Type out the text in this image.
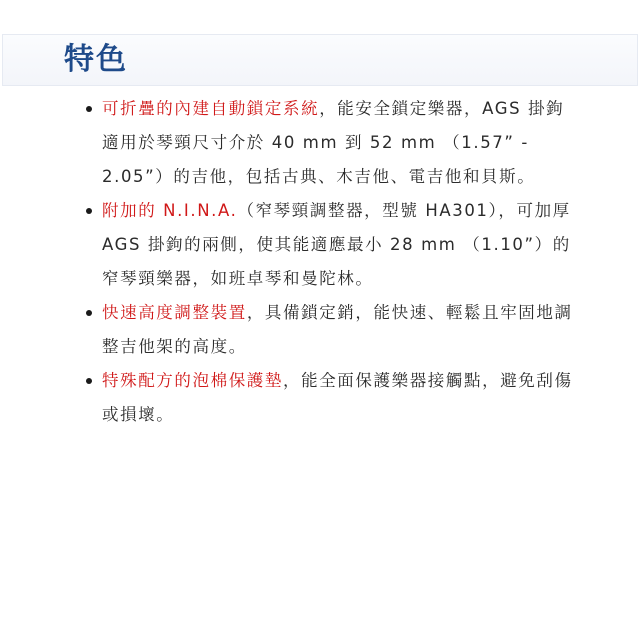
特色
可折疊的內建自動鎖定系統，能安全鎖定樂器，AGS 掛鉤適用於琴頸尺寸介於 40 mm 到 52 mm （1.57” - 2.05”）的吉他，包括古典、木吉他、電吉他和貝斯。
附加的 N.I.N.A.（窄琴頸調整器，型號 HA301），可加厚 AGS 掛鉤的兩側，使其能適應最小 28 mm （1.10”）的窄琴頸樂器，如班卓琴和曼陀林。
快速高度調整裝置，具備鎖定銷，能快速、輕鬆且牢固地調整吉他架的高度。
特殊配方的泡棉保護墊，能全面保護樂器接觸點，避免刮傷或損壞。
